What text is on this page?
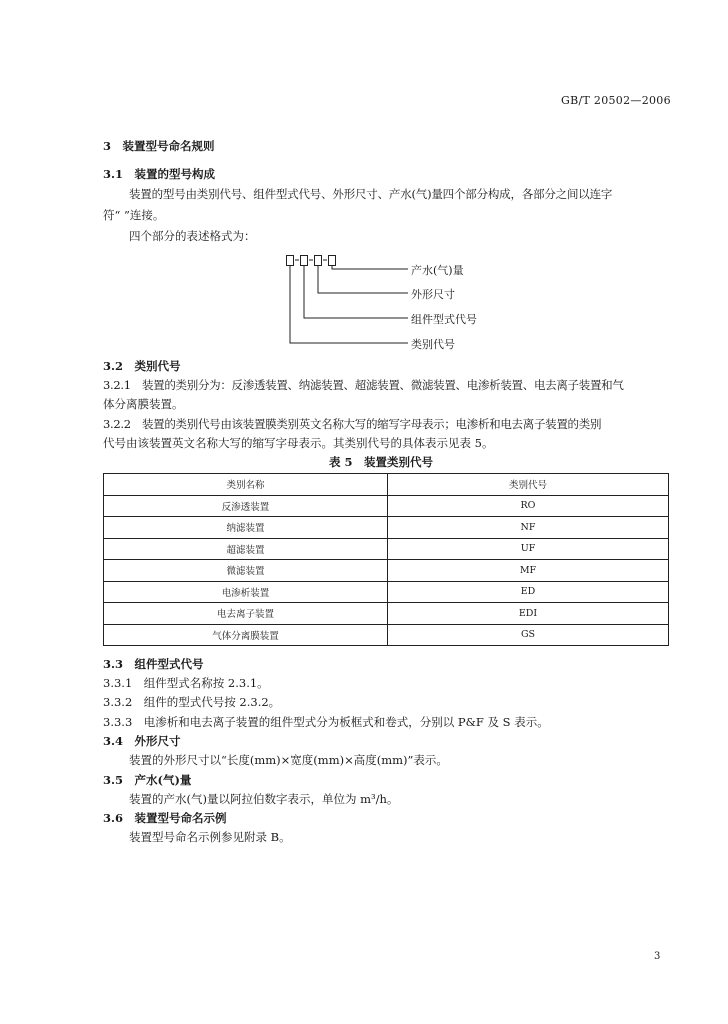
GB/T 20502—2006
3　装置型号命名规则
3.1　装置的型号构成
装置的型号由类别代号、组件型式代号、外形尺寸、产水(气)量四个部分构成，各部分之间以连字
符“ ”连接。
四个部分的表述格式为：
产水(气)量
外形尺寸
组件型式代号
类别代号
3.2　类别代号
3.2.1　装置的类别分为：反渗透装置、纳滤装置、超滤装置、微滤装置、电渗析装置、电去离子装置和气
体分离膜装置。
3.2.2　装置的类别代号由该装置膜类别英文名称大写的缩写字母表示；电渗析和电去离子装置的类别
代号由该装置英文名称大写的缩写字母表示。其类别代号的具体表示见表 5。
表 5　装置类别代号
类别名称	类别代号
反渗透装置	RO
纳滤装置	NF
超滤装置	UF
微滤装置	MF
电渗析装置	ED
电去离子装置	EDI
气体分离膜装置	GS
3.3　组件型式代号
3.3.1　组件型式名称按 2.3.1。
3.3.2　组件的型式代号按 2.3.2。
3.3.3　电渗析和电去离子装置的组件型式分为板框式和卷式，分别以 P&F 及 S 表示。
3.4　外形尺寸
装置的外形尺寸以“长度(mm)×宽度(mm)×高度(mm)”表示。
3.5　产水(气)量
装置的产水(气)量以阿拉伯数字表示，单位为 m³/h。
3.6　装置型号命名示例
装置型号命名示例参见附录 B。
3
